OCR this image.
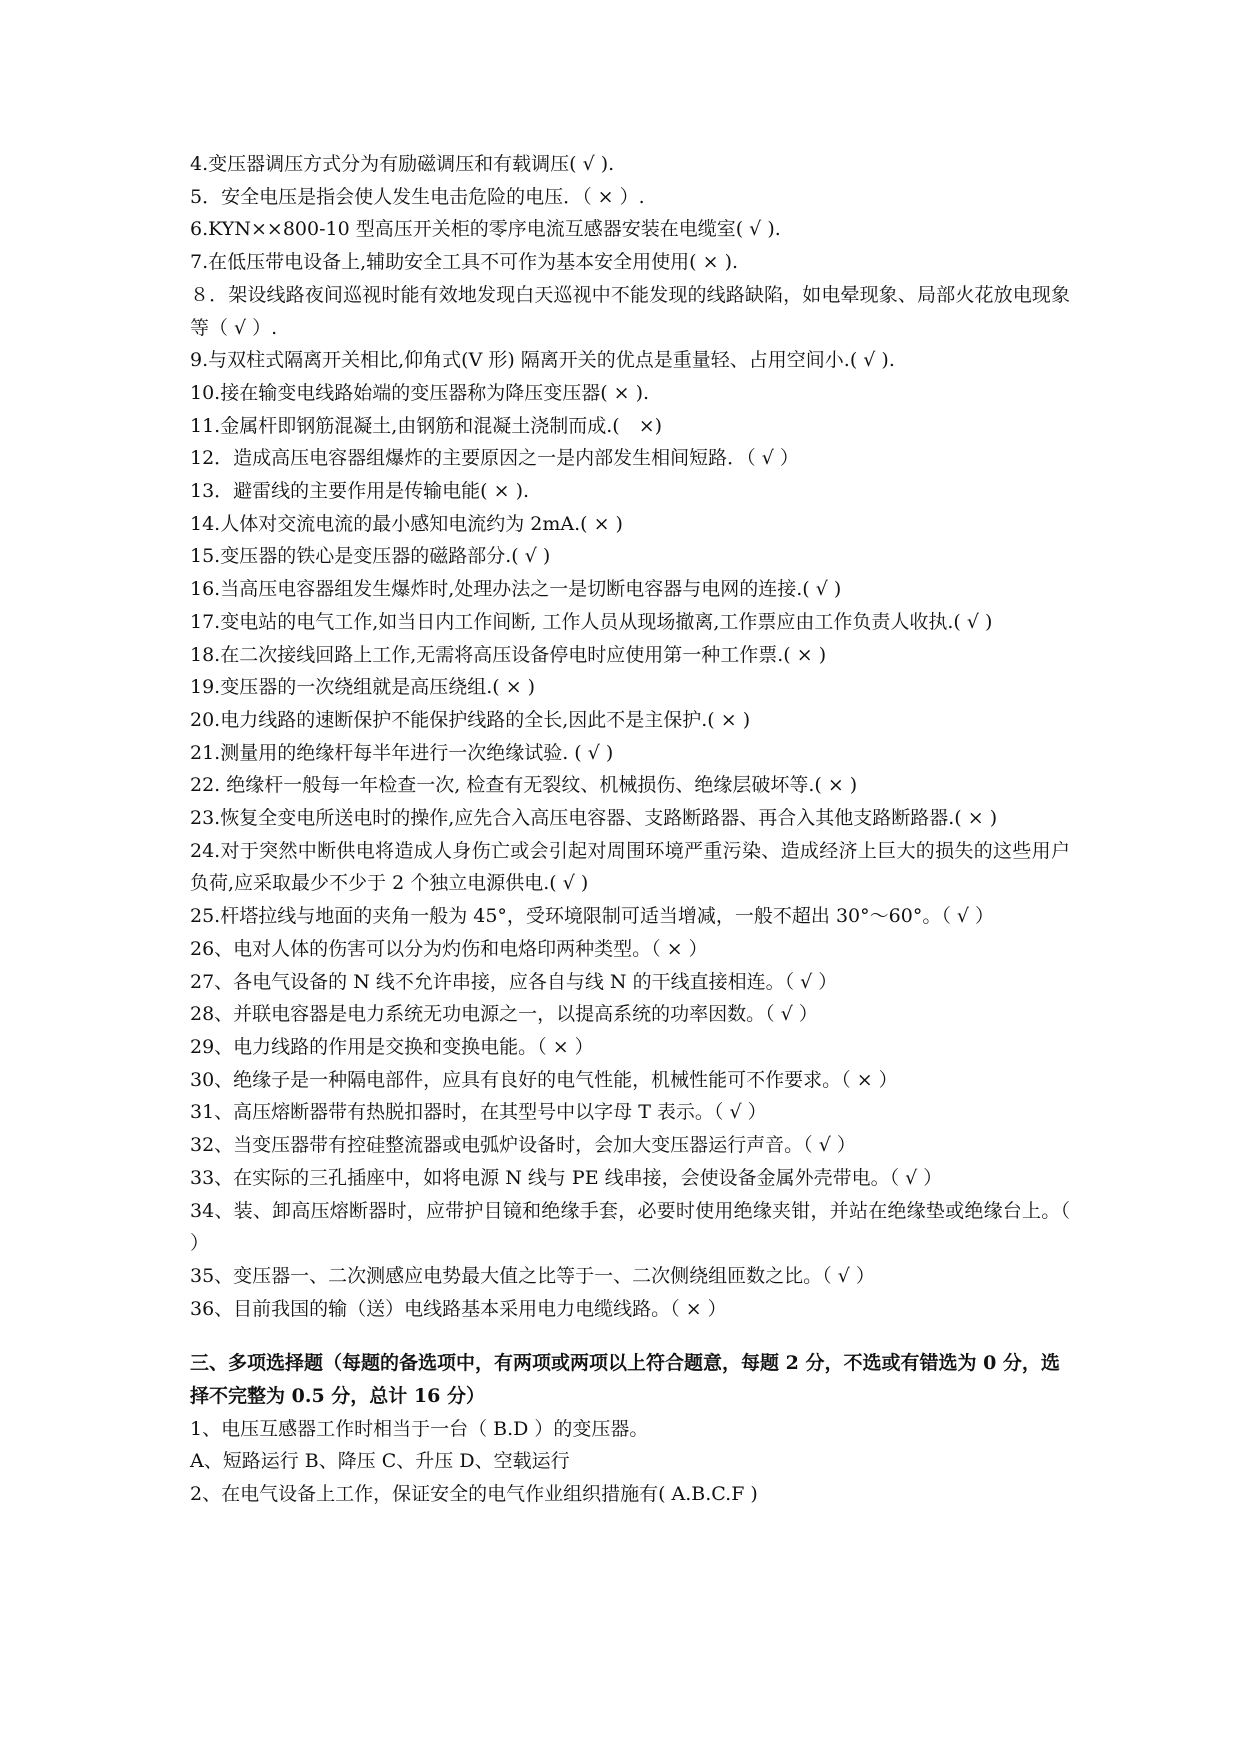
4.变压器调压方式分为有励磁调压和有载调压( √ ).

5．安全电压是指会使人发生电击危险的电压．（ × ）.

6.KYN××800-10 型高压开关柜的零序电流互感器安装在电缆室( √ ).

7.在低压带电设备上,辅助安全工具不可作为基本安全用使用( × ).

８．架设线路夜间巡视时能有效地发现白天巡视中不能发现的线路缺陷，如电晕现象、局部火花放电现象等（ √ ）.

9.与双柱式隔离开关相比,仰角式(V 形) 隔离开关的优点是重量轻、占用空间小.( √ ).

10.接在输变电线路始端的变压器称为降压变压器( × ).

11.金属杆即钢筋混凝土,由钢筋和混凝土浇制而成.(　×)

12．造成高压电容器组爆炸的主要原因之一是内部发生相间短路．（ √ ）

13．避雷线的主要作用是传输电能( × ).

14.人体对交流电流的最小感知电流约为 2mA.( × )

15.变压器的铁心是变压器的磁路部分.( √ )

16.当高压电容器组发生爆炸时,处理办法之一是切断电容器与电网的连接.( √ )

17.变电站的电气工作,如当日内工作间断, 工作人员从现场撤离,工作票应由工作负责人收执.( √ )

18.在二次接线回路上工作,无需将高压设备停电时应使用第一种工作票.( × )

19.变压器的一次绕组就是高压绕组.( × )

20.电力线路的速断保护不能保护线路的全长,因此不是主保护.( × )

21.测量用的绝缘杆每半年进行一次绝缘试验. ( √ )

22. 绝缘杆一般每一年检查一次, 检查有无裂纹、机械损伤、绝缘层破坏等.( × )

23.恢复全变电所送电时的操作,应先合入高压电容器、支路断路器、再合入其他支路断路器.( × )

24.对于突然中断供电将造成人身伤亡或会引起对周围环境严重污染、造成经济上巨大的损失的这些用户负荷,应采取最少不少于 2 个独立电源供电.( √ )

25.杆塔拉线与地面的夹角一般为 45°，受环境限制可适当增减，一般不超出 30°～60°。（ √ ）

26、电对人体的伤害可以分为灼伤和电烙印两种类型。（ × ）

27、各电气设备的 N 线不允许串接，应各自与线 N 的干线直接相连。（ √ ）

28、并联电容器是电力系统无功电源之一，以提高系统的功率因数。（ √ ）

29、电力线路的作用是交换和变换电能。（ × ）

30、绝缘子是一种隔电部件，应具有良好的电气性能，机械性能可不作要求。（ × ）

31、高压熔断器带有热脱扣器时，在其型号中以字母 T 表示。（ √ ）

32、当变压器带有控硅整流器或电弧炉设备时，会加大变压器运行声音。（ √ ）

33、在实际的三孔插座中，如将电源 N 线与 PE 线串接，会使设备金属外壳带电。（ √ ）

34、装、卸高压熔断器时，应带护目镜和绝缘手套，必要时使用绝缘夹钳，并站在绝缘垫或绝缘台上。（ ）

35、变压器一、二次测感应电势最大值之比等于一、二次侧绕组匝数之比。（ √ ）

36、目前我国的输（送）电线路基本采用电力电缆线路。（ × ）

三、多项选择题（每题的备选项中，有两项或两项以上符合题意，每题 2 分，不选或有错选为 0 分，选择不完整为 0.5 分，总计 16 分）

1、电压互感器工作时相当于一台（ B.D ）的变压器。

A、短路运行 B、降压 C、升压 D、空载运行

2、在电气设备上工作，保证安全的电气作业组织措施有( A.B.C.F )
